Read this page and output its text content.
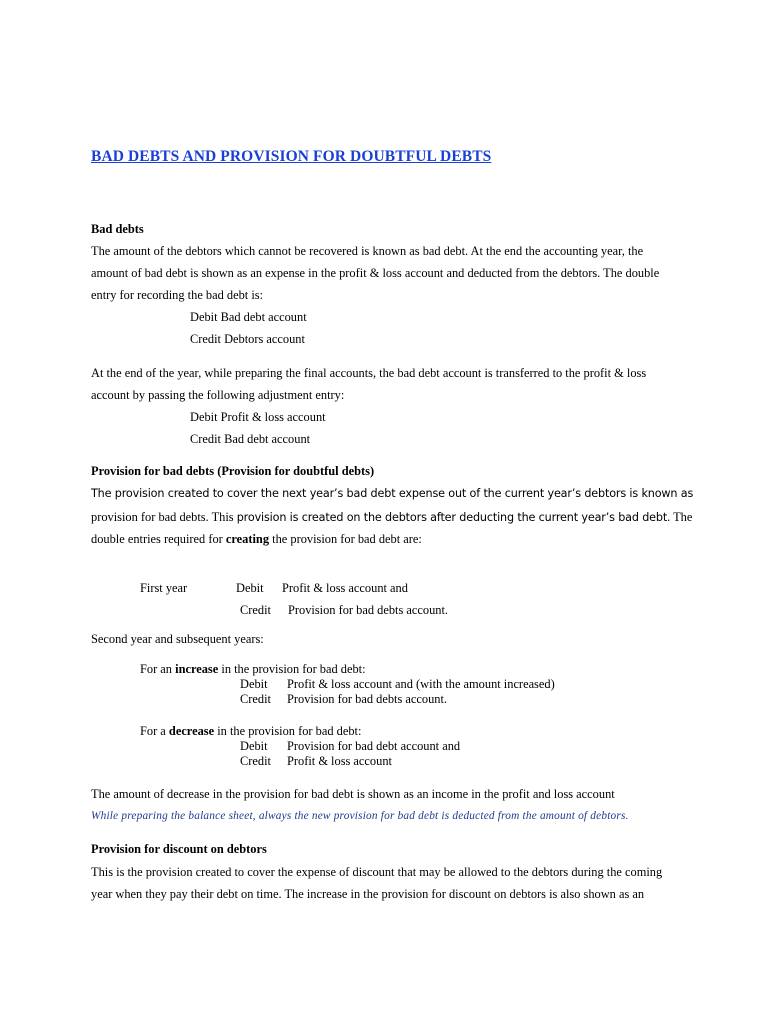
BAD DEBTS AND PROVISION FOR DOUBTFUL DEBTS
Bad debts
The amount of the debtors which cannot be recovered is known as bad debt. At the end the accounting year, the
amount of bad debt is shown as an expense in the profit & loss account and deducted from the debtors. The double
entry for recording the bad debt is:
Debit Bad debt account
Credit Debtors account
At the end of the year, while preparing the final accounts, the bad debt account is transferred to the profit & loss
account by passing the following adjustment entry:
Debit Profit & loss account
Credit Bad debt account
Provision for bad debts (Provision for doubtful debts)
The provision created to cover the next year’s bad debt expense out of the current year’s debtors is known as
provision for bad debts. This provision is created on the debtors after deducting the current year’s bad debt. The
double entries required for creating the provision for bad debt are:
First year	Debit Profit & loss account and
Credit Provision for bad debts account.
Second year and subsequent years:
For an increase in the provision for bad debt:
Debit Profit & loss account and (with the amount increased)
Credit Provision for bad debts account.
For a decrease in the provision for bad debt:
Debit Provision for bad debt account and
Credit Profit & loss account
The amount of decrease in the provision for bad debt is shown as an income in the profit and loss account
While preparing the balance sheet, always the new provision for bad debt is deducted from the amount of debtors.
Provision for discount on debtors
This is the provision created to cover the expense of discount that may be allowed to the debtors during the coming
year when they pay their debt on time. The increase in the provision for discount on debtors is also shown as an
